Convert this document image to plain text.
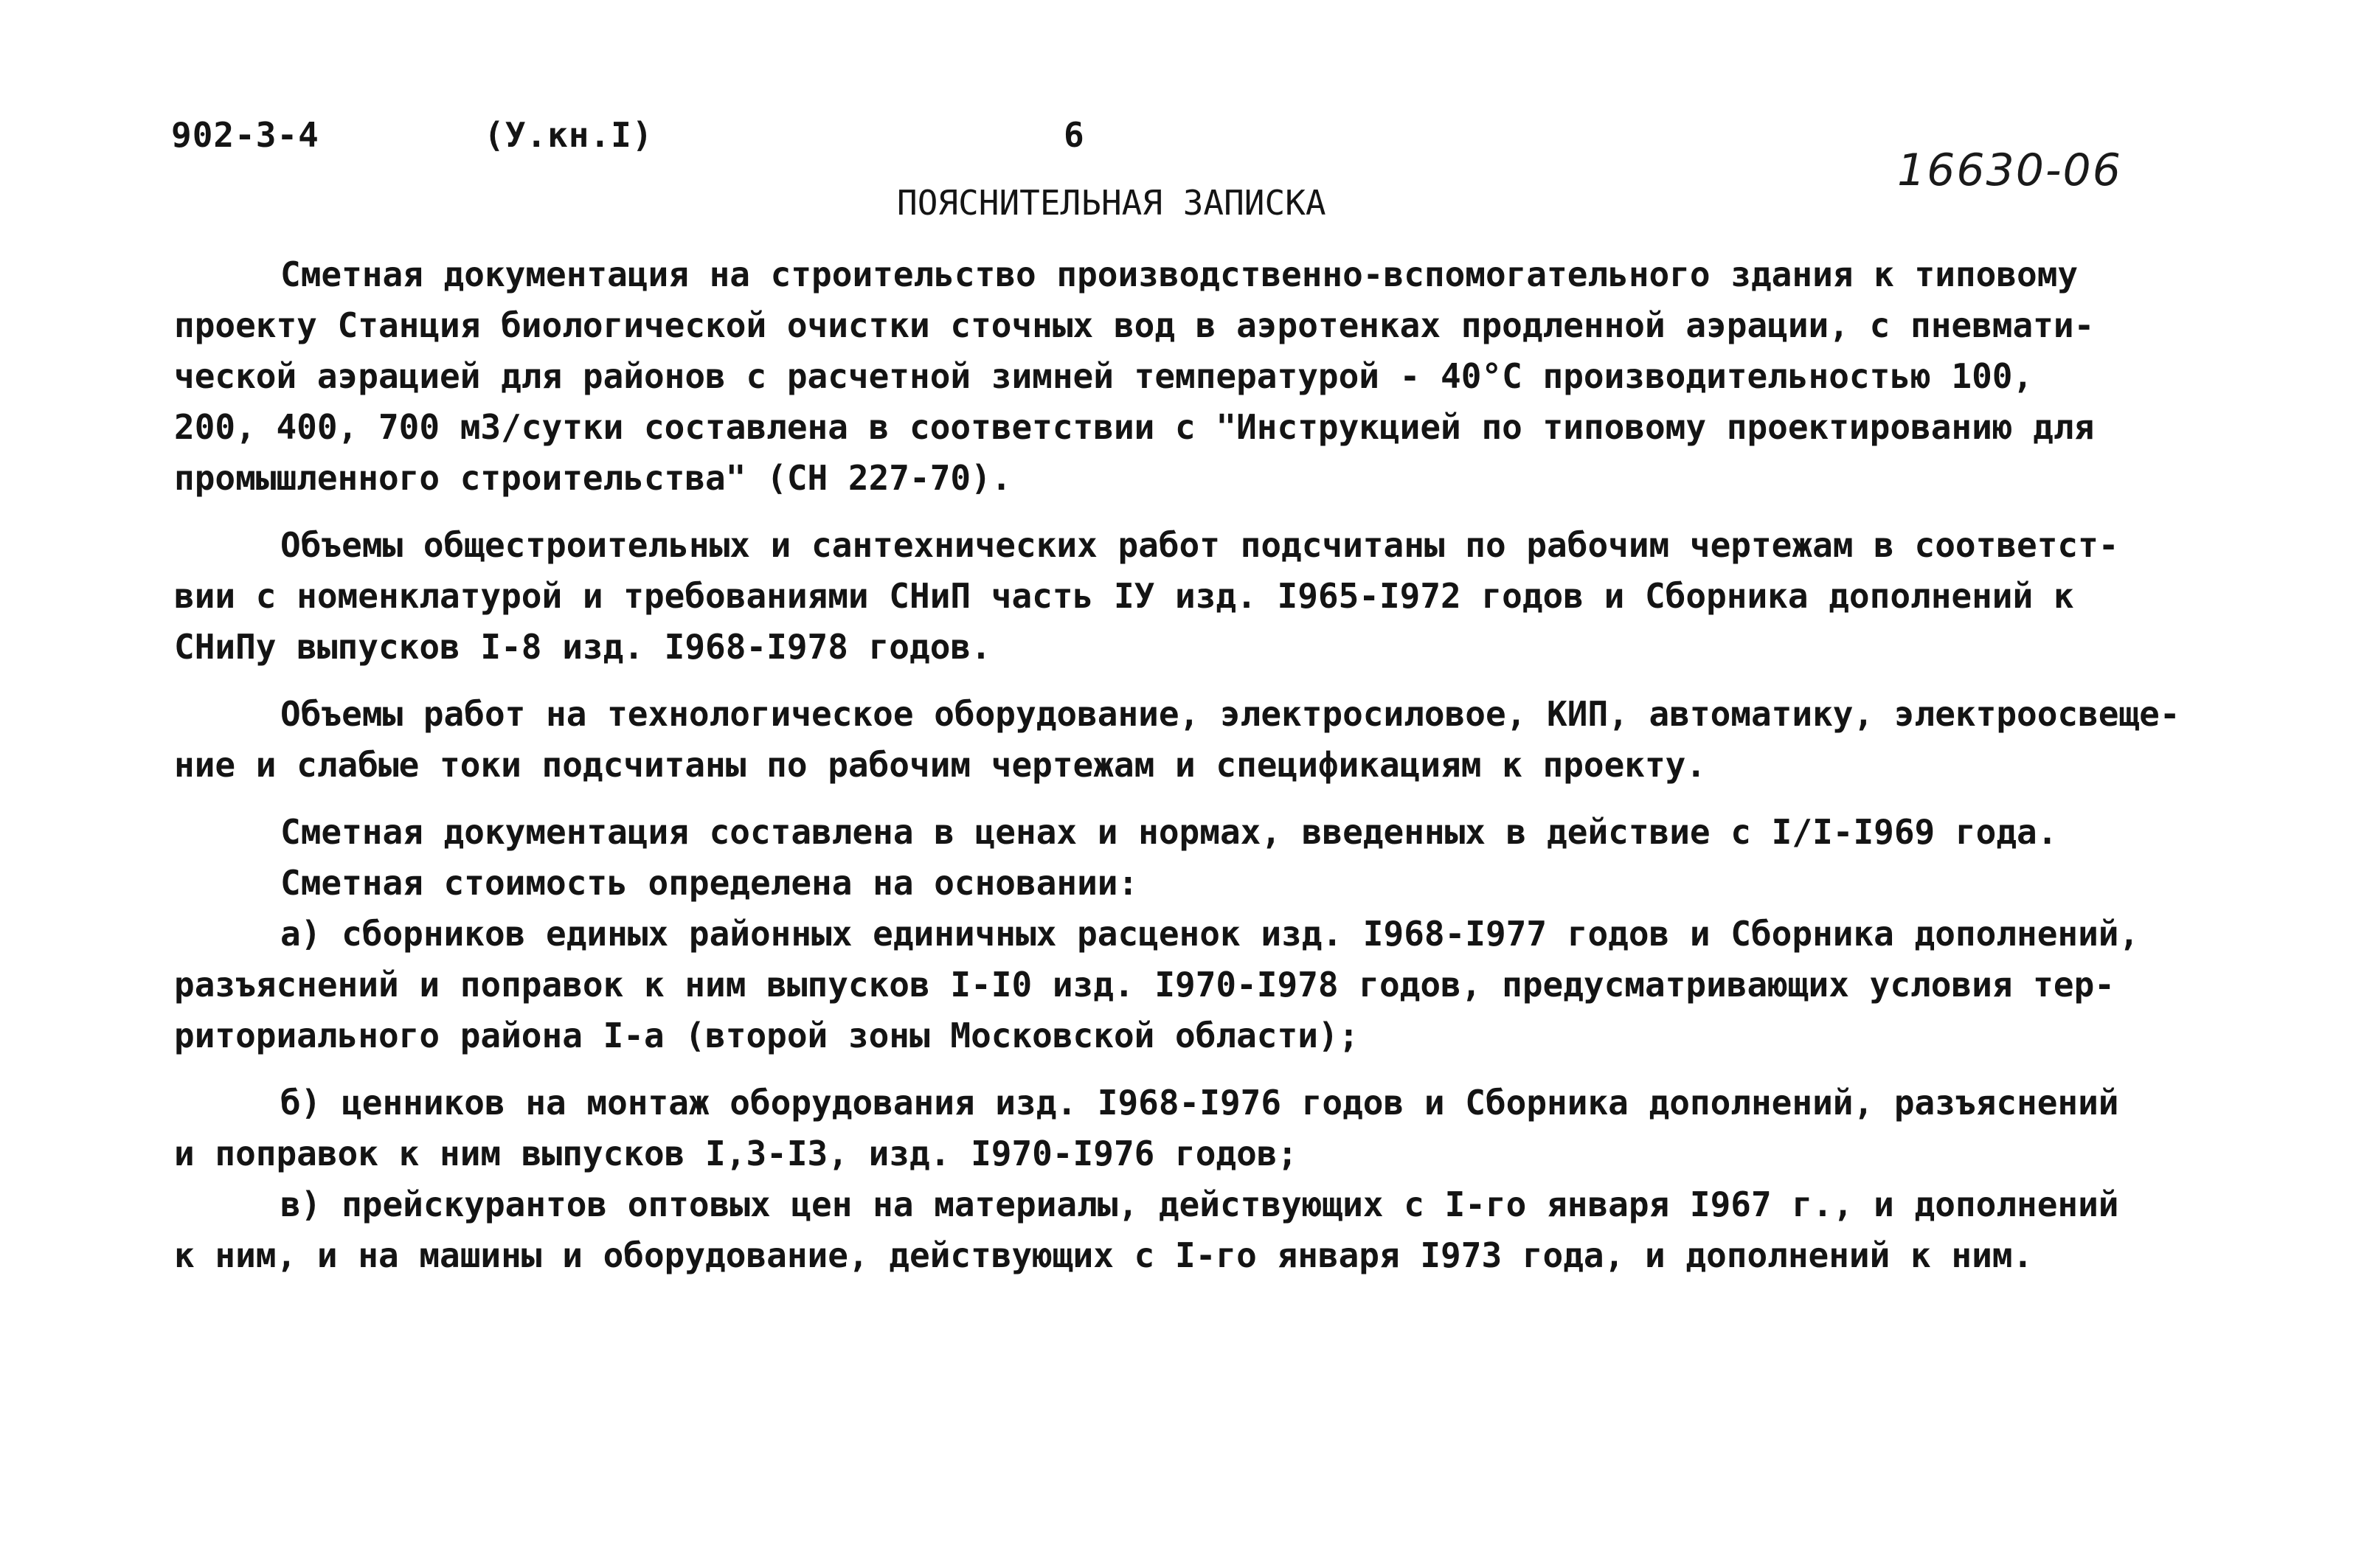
902-3-4	(У.кн.I)	6
16630-06
ПОЯСНИТЕЛЬНАЯ ЗАПИСКА
Сметная документация на строительство производственно-вспомогательного здания к типовому
проекту Станция биологической очистки сточных вод в аэротенках продленной аэрации, с пневмати-
ческой аэрацией для районов с расчетной зимней температурой - 40°С производительностью 100,
200, 400, 700 м3/сутки составлена в соответствии с "Инструкцией по типовому проектированию для
промышленного строительства" (СН 227-70).
Объемы общестроительных и сантехнических работ подсчитаны по рабочим чертежам в соответст-
вии с номенклатурой и требованиями СНиП часть IУ изд. I965-I972 годов и Сборника дополнений к
СНиПу выпусков I-8 изд. I968-I978 годов.
Объемы работ на технологическое оборудование, электросиловое, КИП, автоматику, электроосвеще-
ние и слабые токи подсчитаны по рабочим чертежам и спецификациям к проекту.
Сметная документация составлена в ценах и нормах, введенных в действие с I/I-I969 года.
Сметная стоимость определена на основании:
а) сборников единых районных единичных расценок изд. I968-I977 годов и Сборника дополнений,
разъяснений и поправок к ним выпусков I-I0 изд. I970-I978 годов, предусматривающих условия тер-
риториального района I-а (второй зоны Московской области);
б) ценников на монтаж оборудования изд. I968-I976 годов и Сборника дополнений, разъяснений
и поправок к ним выпусков I,3-I3, изд. I970-I976 годов;
в) прейскурантов оптовых цен на материалы, действующих с I-го января I967 г., и дополнений
к ним, и на машины и оборудование, действующих с I-го января I973 года, и дополнений к ним.
